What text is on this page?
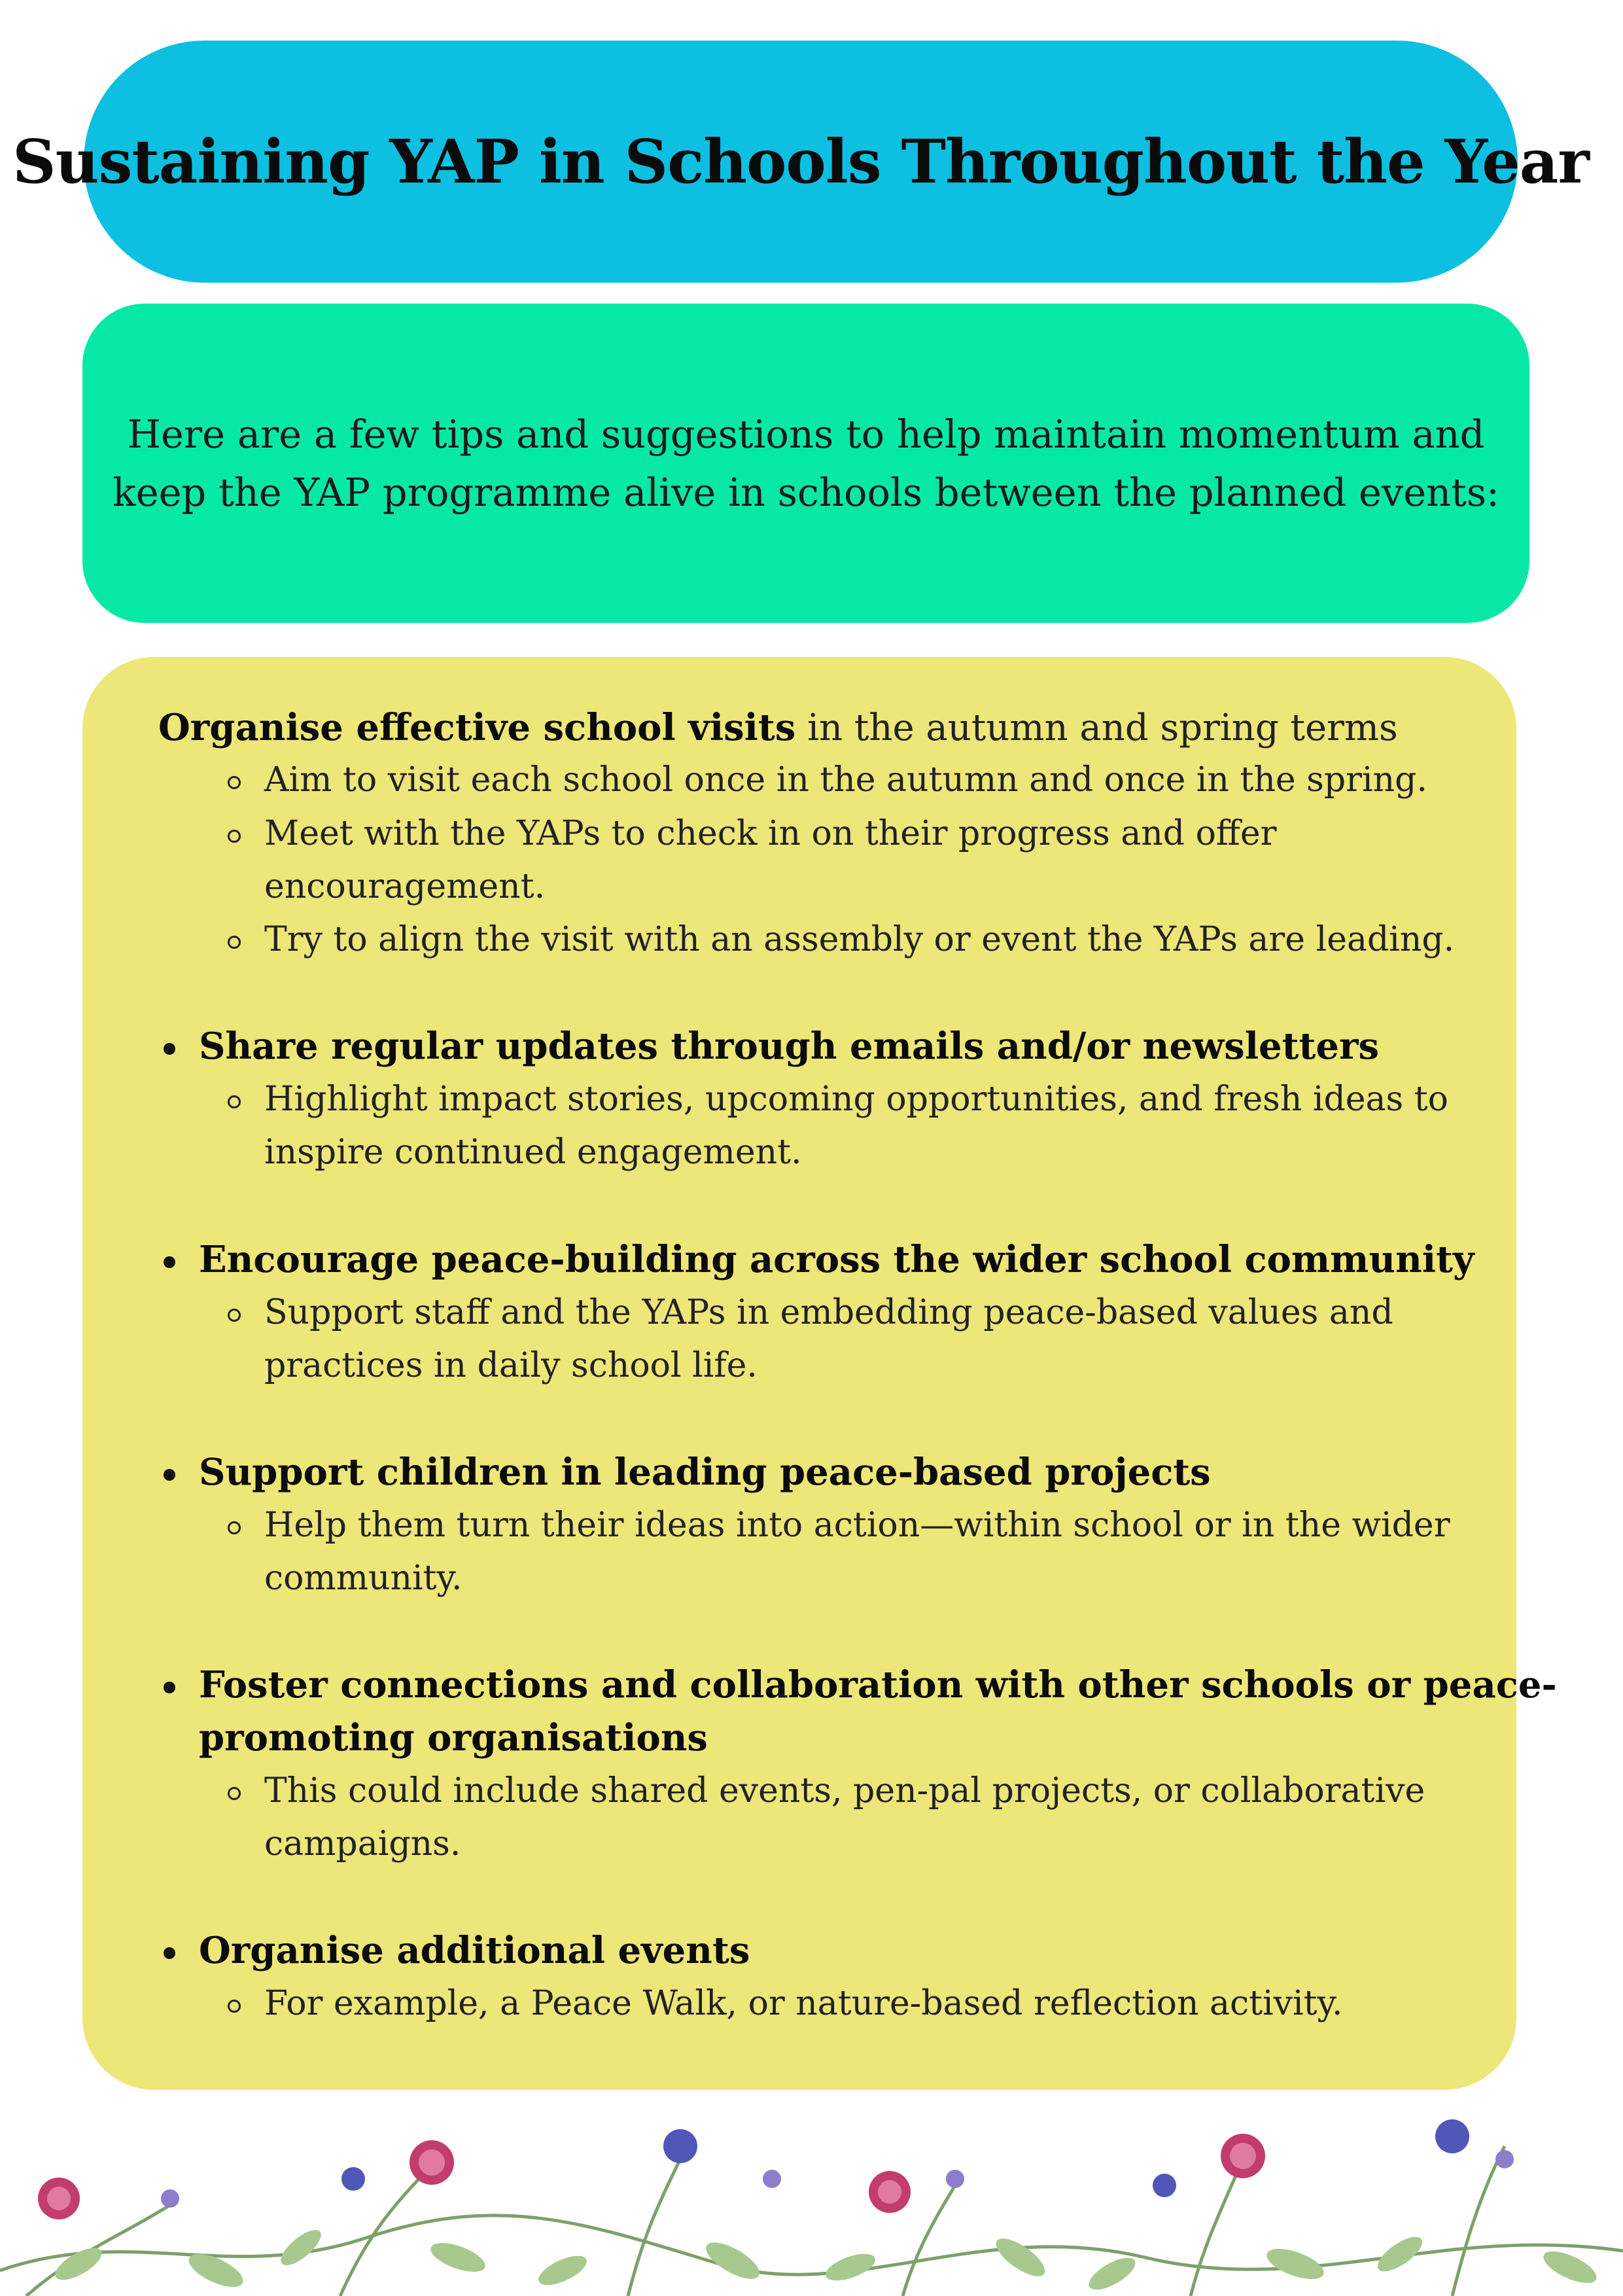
Sustaining YAP in Schools Throughout the Year

Here are a few tips and suggestions to help maintain momentum and
keep the YAP programme alive in schools between the planned events:

Organise effective school visits in the autumn and spring terms
Aim to visit each school once in the autumn and once in the spring.
Meet with the YAPs to check in on their progress and offer
encouragement.
Try to align the visit with an assembly or event the YAPs are leading.
Share regular updates through emails and/or newsletters
Highlight impact stories, upcoming opportunities, and fresh ideas to
inspire continued engagement.
Encourage peace-building across the wider school community
Support staff and the YAPs in embedding peace-based values and
practices in daily school life.
Support children in leading peace-based projects
Help them turn their ideas into action—within school or in the wider
community.
Foster connections and collaboration with other schools or peace-
promoting organisations
This could include shared events, pen-pal projects, or collaborative
campaigns.
Organise additional events
For example, a Peace Walk, or nature-based reflection activity.
